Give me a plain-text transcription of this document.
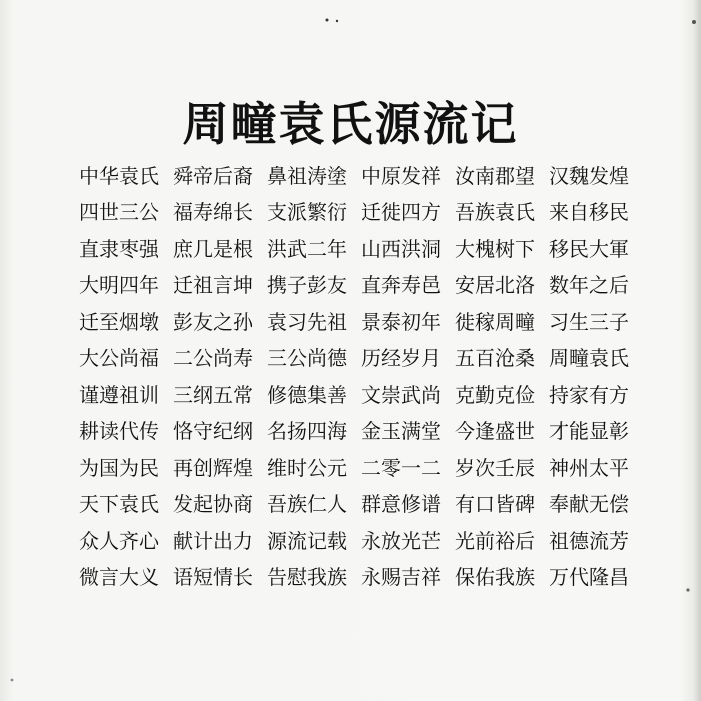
周疃袁氏源流记
中华袁氏 舜帝后裔 鼻祖涛塗 中原发祥 汝南郡望 汉魏发煌
四世三公 福寿绵长 支派繁衍 迁徙四方 吾族袁氏 来自移民
直隶枣强 庶几是根 洪武二年 山西洪洞 大槐树下 移民大軍
大明四年 迁祖言坤 携子彭友 直奔寿邑 安居北洛 数年之后
迁至烟墩 彭友之孙 袁习先祖 景泰初年 徙稼周疃 习生三子
大公尚福 二公尚寿 三公尚德 历经岁月 五百沧桑 周疃袁氏
谨遵祖训 三纲五常 修德集善 文崇武尚 克勤克俭 持家有方
耕读代传 恪守纪纲 名扬四海 金玉满堂 今逢盛世 才能显彰
为国为民 再创辉煌 维时公元 二零一二 岁次壬辰 神州太平
天下袁氏 发起协商 吾族仁人 群意修谱 有口皆碑 奉献无偿
众人齐心 献计出力 源流记载 永放光芒 光前裕后 祖德流芳
微言大义 语短情长 告慰我族 永赐吉祥 保佑我族 万代隆昌
